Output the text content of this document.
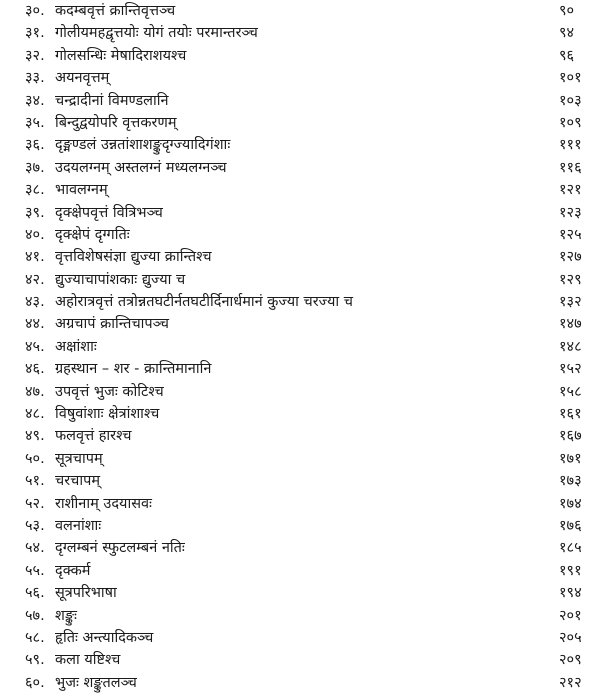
३०. कदम्बवृत्तं क्रान्तिवृत्तञ्च	९०
३१. गोलीयमहद्वृत्तयोः योगं तयोः परमान्तरञ्च	९४
३२. गोलसन्धिः मेषादिराशयश्च	९६
३३. अयनवृत्तम्	१०१
३४. चन्द्रादीनां विमण्डलानि	१०३
३५. बिन्दुद्वयोपरि वृत्तकरणम्	१०९
३६. दृङ्मण्डलं उन्नतांशाशङ्कुदृग्ज्यादिगंशाः	१११
३७. उदयलग्नम् अस्तलग्नं मध्यलग्नञ्च	११६
३८. भावलग्नम्	१२१
३९. दृक्क्षेपवृत्तं वित्रिभञ्च	१२३
४०. दृक्क्षेपं दृग्गतिः	१२५
४१. वृत्तविशेषसंज्ञा द्युज्या क्रान्तिश्च	१२७
४२. द्युज्याचापांशकाः द्युज्या च	१२९
४३. अहोरात्रवृत्तं तत्रोन्नतघटीर्नतघटीर्दिनार्धमानं कुज्या चरज्या च	१३२
४४. अग्रचापं क्रान्तिचापञ्च	१४७
४५. अक्षांशाः	१४८
४६. ग्रहस्थान – शर - क्रान्तिमानानि	१५२
४७. उपवृत्तं भुजः कोटिश्च	१५८
४८. विषुवांशाः क्षेत्रांशाश्च	१६१
४९. फलवृत्तं हारश्च	१६७
५०. सूत्रचापम्	१७१
५१. चरचापम्	१७३
५२. राशीनाम् उदयासवः	१७४
५३. वलनांशाः	१७६
५४. दृग्लम्बनं स्फुटलम्बनं नतिः	१८५
५५. दृक्कर्म	१९१
५६. सूत्रपरिभाषा	१९४
५७. शङ्कुः	२०१
५८. हृतिः अन्त्यादिकञ्च	२०५
५९. कला यष्टिश्च	२०९
६०. भुजः शङ्कुतलञ्च	२१२
